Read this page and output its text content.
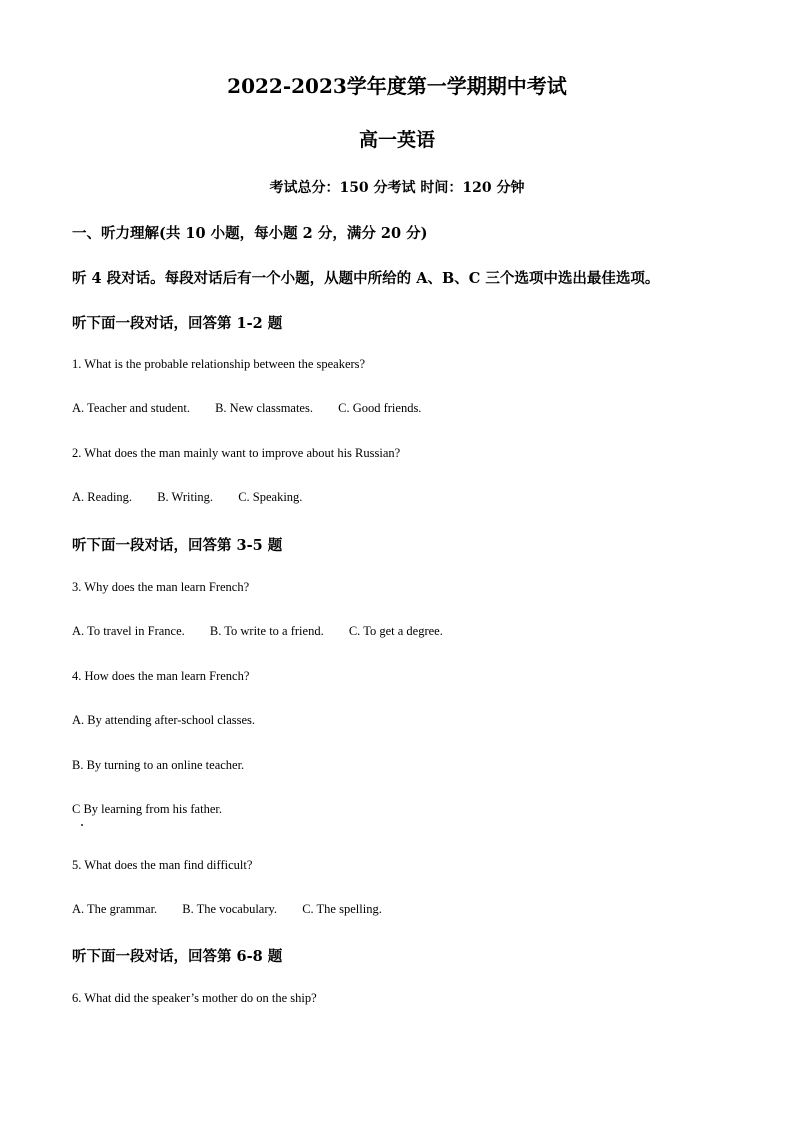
2022-2023学年度第一学期期中考试
高一英语
考试总分：150 分考试 时间：120 分钟
一、听力理解(共 10 小题，每小题 2 分，满分 20 分)
听 4 段对话。每段对话后有一个小题，从题中所给的 A、B、C 三个选项中选出最佳选项。
听下面一段对话，回答第 1-2 题
1. What is the probable relationship between the speakers?
A. Teacher and student. B. New classmates. C. Good friends.
2. What does the man mainly want to improve about his Russian?
A. Reading. B. Writing. C. Speaking.
听下面一段对话，回答第 3-5 题
3. Why does the man learn French?
A. To travel in France. B. To write to a friend. C. To get a degree.
4. How does the man learn French?
A. By attending after-school classes.
B. By turning to an online teacher.
C By learning from his father.
5. What does the man find difficult?
A. The grammar. B. The vocabulary. C. The spelling.
听下面一段对话，回答第 6-8 题
6. What did the speaker’s mother do on the ship?
